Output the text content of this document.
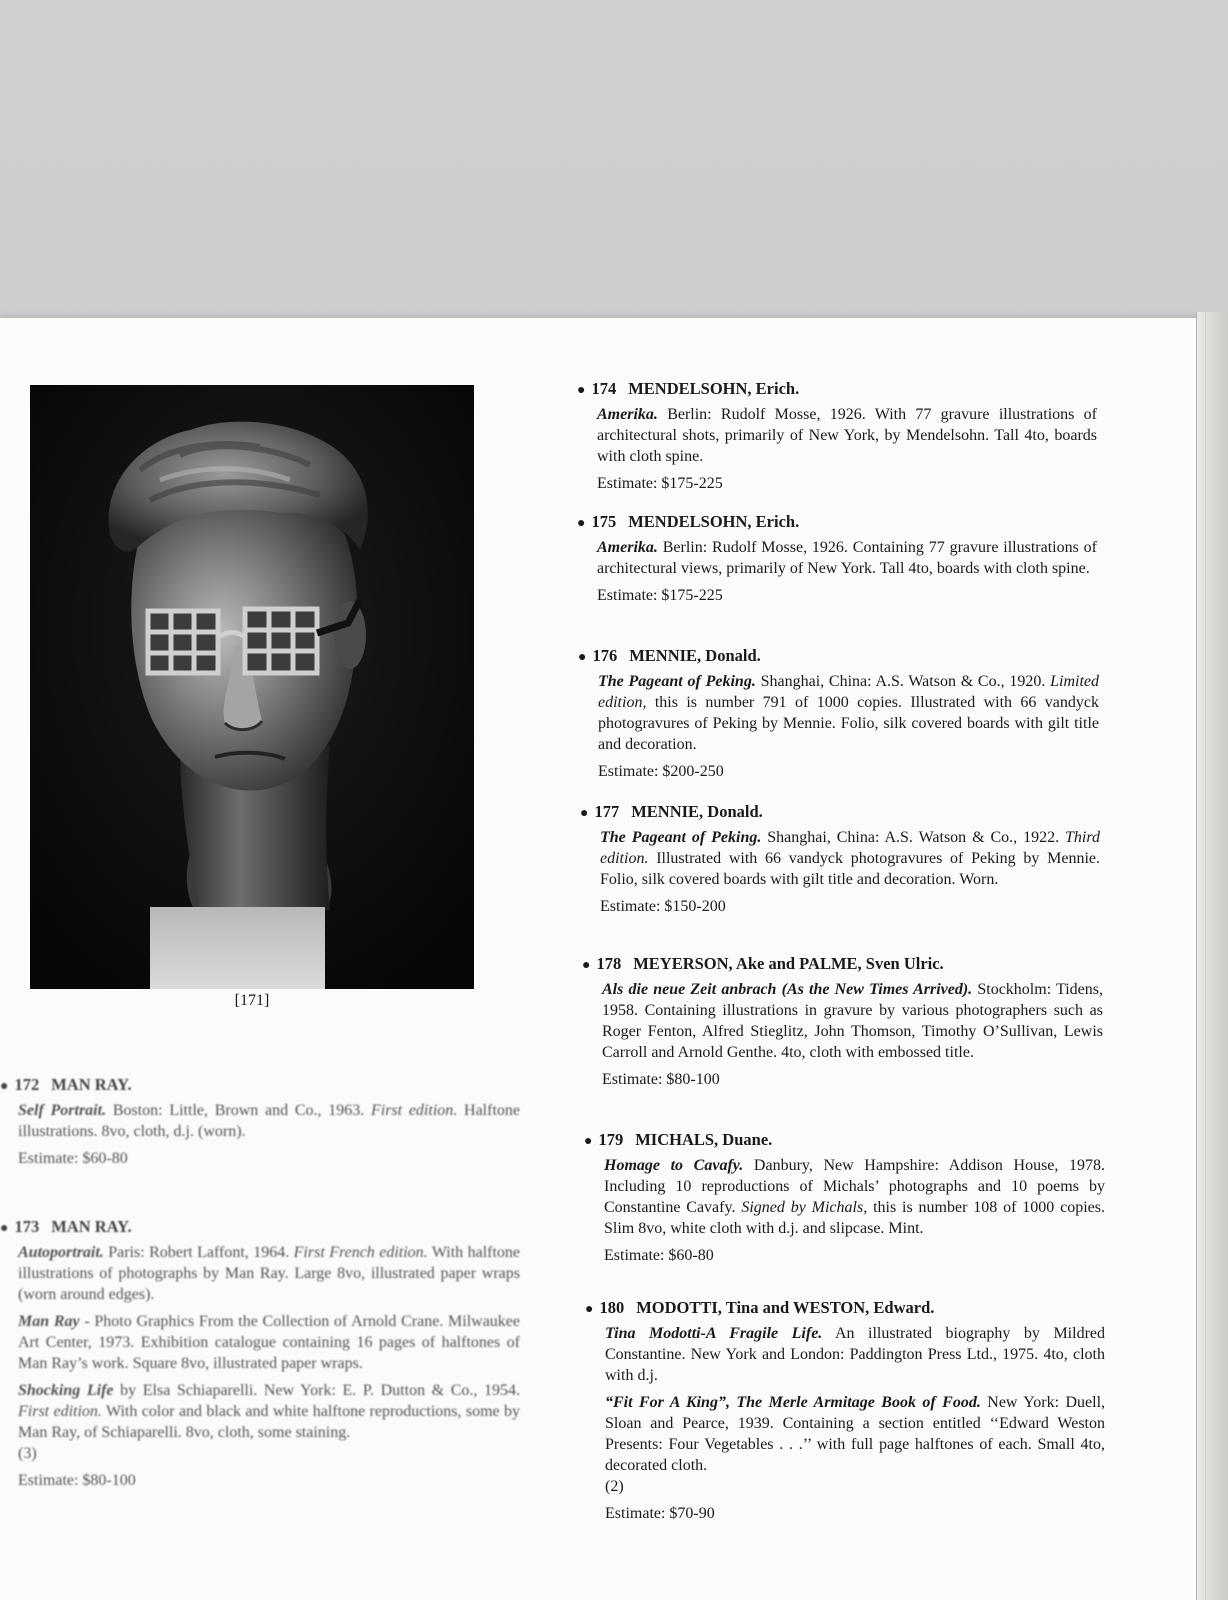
[171]
● 172 MAN RAY.

Self Portrait. Boston: Little, Brown and Co., 1963. First edition. Halftone illustrations. 8vo, cloth, d.j. (worn).

Estimate: $60-80

● 173 MAN RAY.

Autoportrait. Paris: Robert Laffont, 1964. First French edition. With halftone illustrations of photographs by Man Ray. Large 8vo, illustrated paper wraps (worn around edges).

Man Ray - Photo Graphics From the Collection of Arnold Crane. Milwaukee Art Center, 1973. Exhibition catalogue containing 16 pages of halftones of Man Ray’s work. Square 8vo, illustrated paper wraps.

Shocking Life by Elsa Schiaparelli. New York: E. P. Dutton & Co., 1954. First edition. With color and black and white halftone reproductions, some by Man Ray, of Schiaparelli. 8vo, cloth, some staining.

(3)

Estimate: $80-100

● 174 MENDELSOHN, Erich.

Amerika. Berlin: Rudolf Mosse, 1926. With 77 gravure illustrations of architectural shots, primarily of New York, by Mendelsohn. Tall 4to, boards with cloth spine.

Estimate: $175-225

● 175 MENDELSOHN, Erich.

Amerika. Berlin: Rudolf Mosse, 1926. Containing 77 gravure illustrations of architectural views, primarily of New York. Tall 4to, boards with cloth spine.

Estimate: $175-225

● 176 MENNIE, Donald.

The Pageant of Peking. Shanghai, China: A.S. Watson & Co., 1920. Limited edition, this is number 791 of 1000 copies. Illustrated with 66 vandyck photogravures of Peking by Mennie. Folio, silk covered boards with gilt title and decoration.

Estimate: $200-250

● 177 MENNIE, Donald.

The Pageant of Peking. Shanghai, China: A.S. Watson & Co., 1922. Third edition. Illustrated with 66 vandyck photogravures of Peking by Mennie. Folio, silk covered boards with gilt title and decoration. Worn.

Estimate: $150-200

● 178 MEYERSON, Ake and PALME, Sven Ulric.

Als die neue Zeit anbrach (As the New Times Arrived). Stockholm: Tidens, 1958. Containing illustrations in gravure by various photographers such as Roger Fenton, Alfred Stieglitz, John Thomson, Timothy O’Sullivan, Lewis Carroll and Arnold Genthe. 4to, cloth with embossed title.

Estimate: $80-100

● 179 MICHALS, Duane.

Homage to Cavafy. Danbury, New Hampshire: Addison House, 1978. Including 10 reproductions of Michals’ photographs and 10 poems by Constantine Cavafy. Signed by Michals, this is number 108 of 1000 copies. Slim 8vo, white cloth with d.j. and slipcase. Mint.

Estimate: $60-80

● 180 MODOTTI, Tina and WESTON, Edward.

Tina Modotti-A Fragile Life. An illustrated biography by Mildred Constantine. New York and London: Paddington Press Ltd., 1975. 4to, cloth with d.j.

“Fit For A King”, The Merle Armitage Book of Food. New York: Duell, Sloan and Pearce, 1939. Containing a section entitled ‘‘Edward Weston Presents: Four Vegetables . . .’’ with full page halftones of each. Small 4to, decorated cloth.

(2)

Estimate: $70-90
